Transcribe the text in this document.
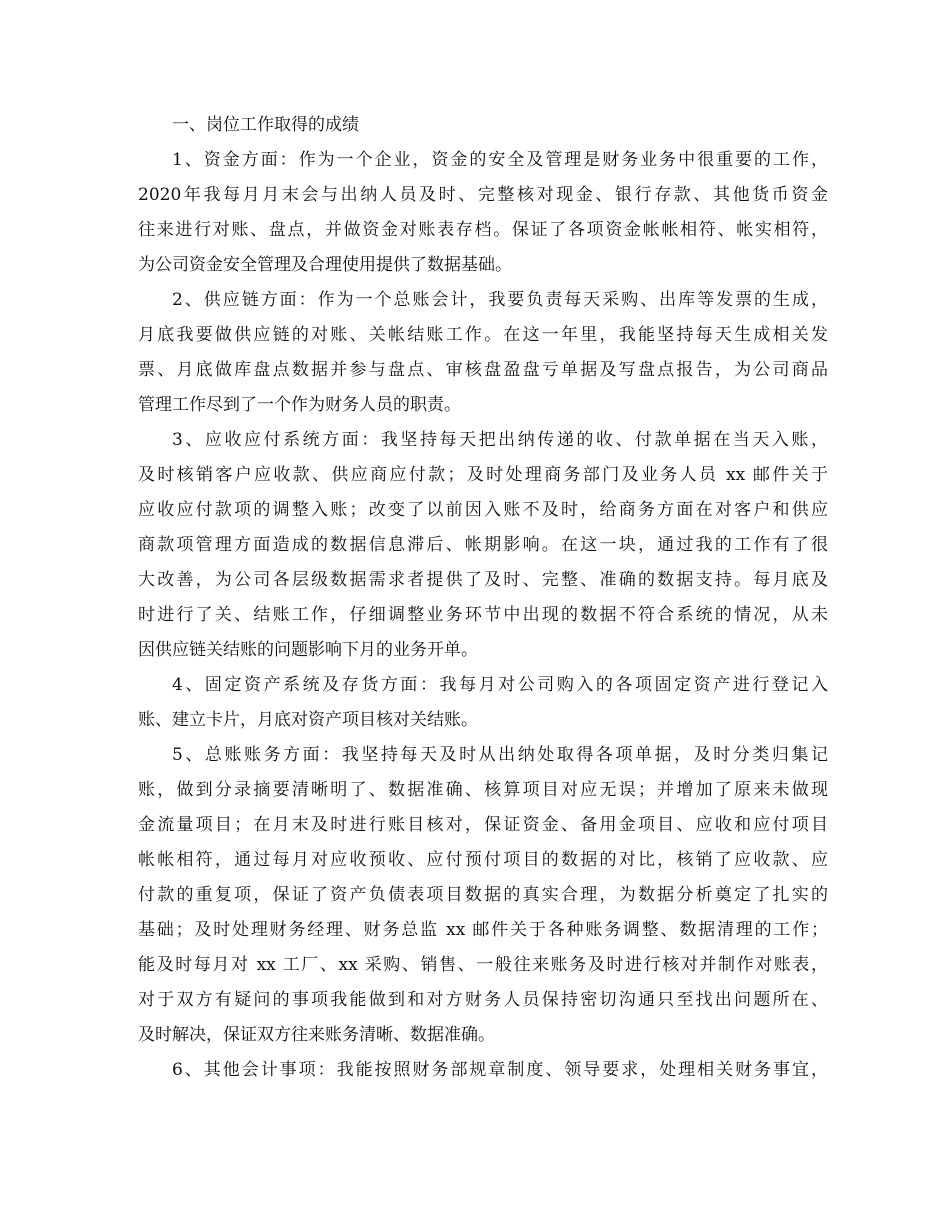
一、岗位工作取得的成绩
1、资金方面：作为一个企业，资金的安全及管理是财务业务中很重要的工作，
2020年我每月月末会与出纳人员及时、完整核对现金、银行存款、其他货币资金
往来进行对账、盘点，并做资金对账表存档。保证了各项资金帐帐相符、帐实相符，
为公司资金安全管理及合理使用提供了数据基础。
2、供应链方面：作为一个总账会计，我要负责每天采购、出库等发票的生成，
月底我要做供应链的对账、关帐结账工作。在这一年里，我能坚持每天生成相关发
票、月底做库盘点数据并参与盘点、审核盘盈盘亏单据及写盘点报告，为公司商品
管理工作尽到了一个作为财务人员的职责。
3、应收应付系统方面：我坚持每天把出纳传递的收、付款单据在当天入账，
及时核销客户应收款、供应商应付款；及时处理商务部门及业务人员 xx 邮件关于
应收应付款项的调整入账；改变了以前因入账不及时，给商务方面在对客户和供应
商款项管理方面造成的数据信息滞后、帐期影响。在这一块，通过我的工作有了很
大改善，为公司各层级数据需求者提供了及时、完整、准确的数据支持。每月底及
时进行了关、结账工作，仔细调整业务环节中出现的数据不符合系统的情况，从未
因供应链关结账的问题影响下月的业务开单。
4、固定资产系统及存货方面：我每月对公司购入的各项固定资产进行登记入
账、建立卡片，月底对资产项目核对关结账。
5、总账账务方面：我坚持每天及时从出纳处取得各项单据，及时分类归集记
账，做到分录摘要清晰明了、数据准确、核算项目对应无误；并增加了原来未做现
金流量项目；在月末及时进行账目核对，保证资金、备用金项目、应收和应付项目
帐帐相符，通过每月对应收预收、应付预付项目的数据的对比，核销了应收款、应
付款的重复项，保证了资产负债表项目数据的真实合理，为数据分析奠定了扎实的
基础；及时处理财务经理、财务总监 xx 邮件关于各种账务调整、数据清理的工作；
能及时每月对 xx 工厂、xx 采购、销售、一般往来账务及时进行核对并制作对账表，
对于双方有疑问的事项我能做到和对方财务人员保持密切沟通只至找出问题所在、
及时解决，保证双方往来账务清晰、数据准确。
6、其他会计事项：我能按照财务部规章制度、领导要求，处理相关财务事宜，
